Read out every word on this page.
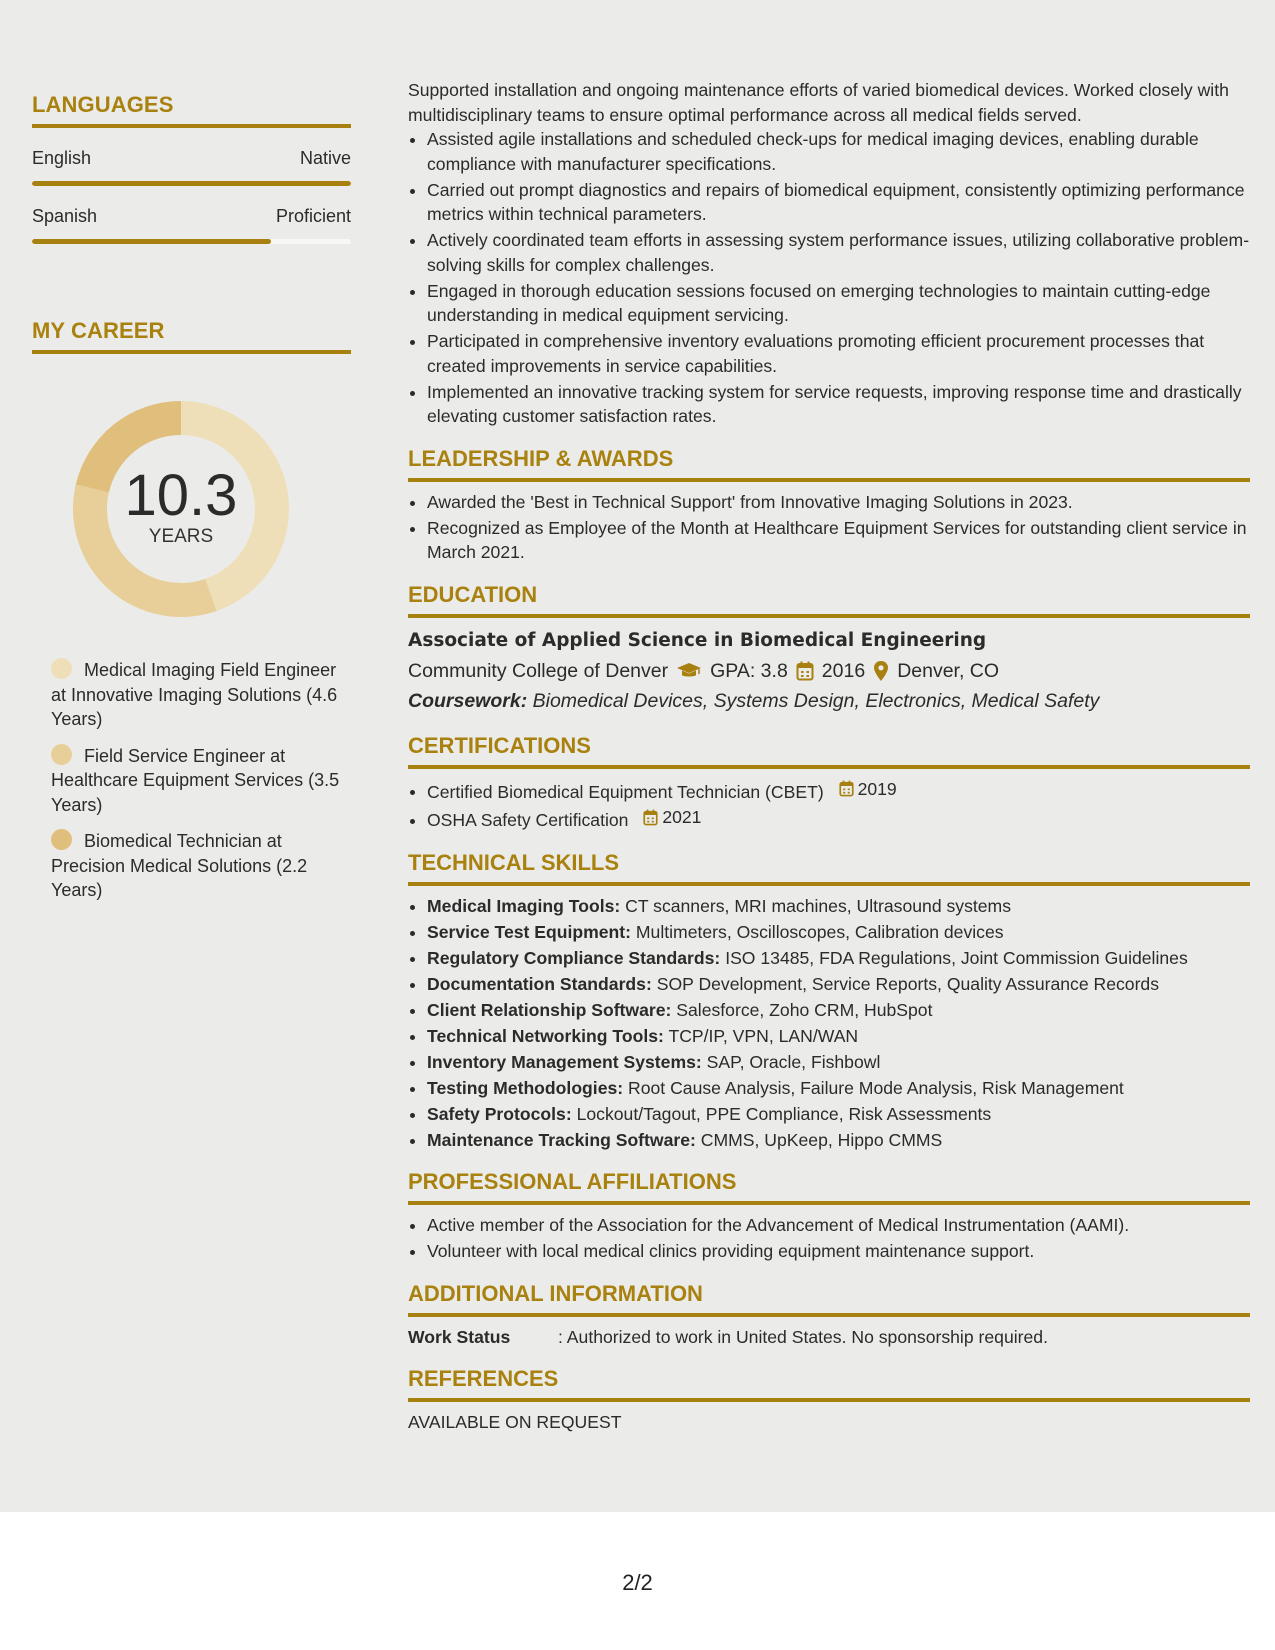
LANGUAGES
English	Native
Spanish	Proficient
MY CAREER
10.3
YEARS
Medical Imaging Field Engineer at Innovative Imaging Solutions (4.6 Years)
Field Service Engineer at Healthcare Equipment Services (3.5 Years)
Biomedical Technician at Precision Medical Solutions (2.2 Years)

Supported installation and ongoing maintenance efforts of varied biomedical devices. Worked closely with multidisciplinary teams to ensure optimal performance across all medical fields served.

• Assisted agile installations and scheduled check-ups for medical imaging devices, enabling durable compliance with manufacturer specifications.
• Carried out prompt diagnostics and repairs of biomedical equipment, consistently optimizing performance metrics within technical parameters.
• Actively coordinated team efforts in assessing system performance issues, utilizing collaborative problem-solving skills for complex challenges.
• Engaged in thorough education sessions focused on emerging technologies to maintain cutting-edge understanding in medical equipment servicing.
• Participated in comprehensive inventory evaluations promoting efficient procurement processes that created improvements in service capabilities.
• Implemented an innovative tracking system for service requests, improving response time and drastically elevating customer satisfaction rates.
LEADERSHIP & AWARDS
• Awarded the 'Best in Technical Support' from Innovative Imaging Solutions in 2023.
• Recognized as Employee of the Month at Healthcare Equipment Services for outstanding client service in March 2021.
EDUCATION
Associate of Applied Science in Biomedical Engineering
Community College of Denver GPA: 3.8 2016 Denver, CO
Coursework: Biomedical Devices, Systems Design, Electronics, Medical Safety
CERTIFICATIONS
• Certified Biomedical Equipment Technician (CBET) 2019
• OSHA Safety Certification 2021
TECHNICAL SKILLS
• Medical Imaging Tools: CT scanners, MRI machines, Ultrasound systems
• Service Test Equipment: Multimeters, Oscilloscopes, Calibration devices
• Regulatory Compliance Standards: ISO 13485, FDA Regulations, Joint Commission Guidelines
• Documentation Standards: SOP Development, Service Reports, Quality Assurance Records
• Client Relationship Software: Salesforce, Zoho CRM, HubSpot
• Technical Networking Tools: TCP/IP, VPN, LAN/WAN
• Inventory Management Systems: SAP, Oracle, Fishbowl
• Testing Methodologies: Root Cause Analysis, Failure Mode Analysis, Risk Management
• Safety Protocols: Lockout/Tagout, PPE Compliance, Risk Assessments
• Maintenance Tracking Software: CMMS, UpKeep, Hippo CMMS
PROFESSIONAL AFFILIATIONS
• Active member of the Association for the Advancement of Medical Instrumentation (AAMI).
• Volunteer with local medical clinics providing equipment maintenance support.
ADDITIONAL INFORMATION
Work Status	: Authorized to work in United States. No sponsorship required.
REFERENCES
AVAILABLE ON REQUEST
2/2
